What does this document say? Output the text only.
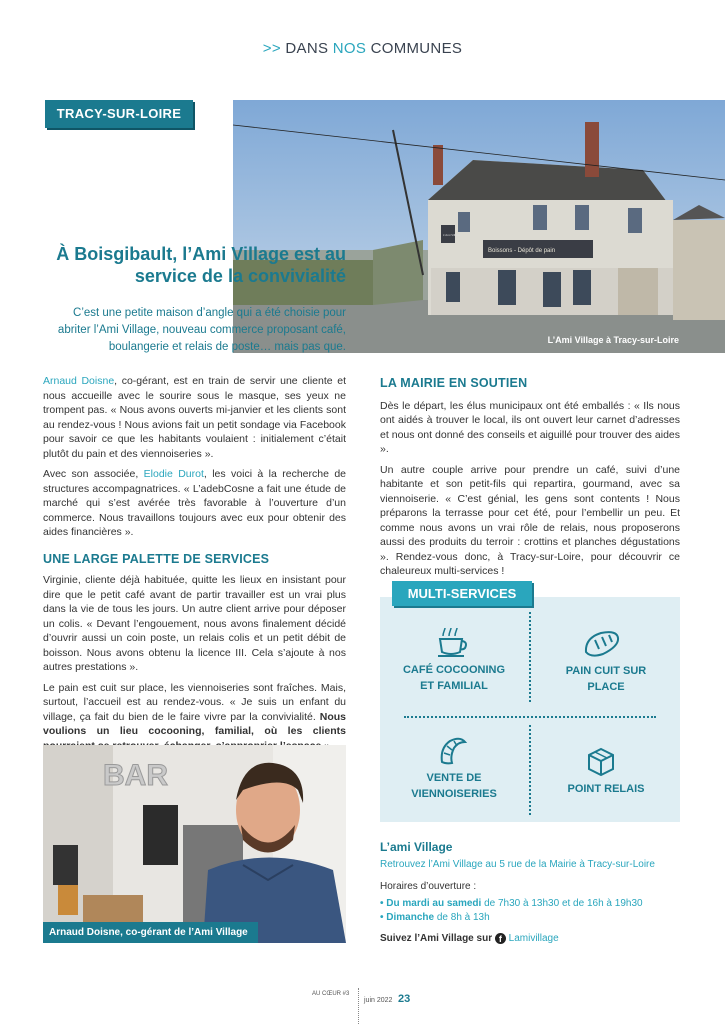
>> DANS NOS COMMUNES
TRACY-SUR-LOIRE
Boissons - Dépôt de pain
L'Ami Village
L’Ami Village à Tracy-sur-Loire
À Boisgibault, l’Ami Village est au service de la convivialité
C’est une petite maison d’angle qui a été choisie pour abriter l’Ami Village, nouveau commerce proposant café, boulangerie et relais de poste… mais pas que.

Arnaud Doisne, co-gérant, est en train de servir une cliente et nous accueille avec le sourire sous le masque, ses yeux ne trompent pas. « Nous avons ouverts mi-janvier et les clients sont au rendez-vous ! Nous avions fait un petit sondage via Facebook pour savoir ce que les habitants voulaient : initialement c’était plutôt du pain et des viennoiseries ».

Avec son associée, Elodie Durot, les voici à la recherche de structures accompagnatrices. « L’adebCosne a fait une étude de marché qui s’est avérée très favorable à l’ouverture d’un commerce. Nous travaillons toujours avec eux pour obtenir des aides financières ».

UNE LARGE PALETTE DE SERVICES

Virginie, cliente déjà habituée, quitte les lieux en insistant pour dire que le petit café avant de partir travailler est un vrai plus dans la vie de tous les jours. Un autre client arrive pour déposer un colis. « Devant l’engouement, nous avons finalement décidé d’ouvrir aussi un coin poste, un relais colis et un petit débit de boisson. Nous avons obtenu la licence III. Cela s’ajoute à nos autres prestations ».

Le pain est cuit sur place, les viennoiseries sont fraîches. Mais, surtout, l’accueil est au rendez-vous. « Je suis un enfant du village, ça fait du bien de le faire vivre par la convivialité. Nous voulions un lieu cocooning, familial, où les clients

BAR
Arnaud Doisne, co-gérant de l’Ami Village
LA MAIRIE EN SOUTIEN

Dès le départ, les élus municipaux ont été emballés : « Ils nous ont aidés à trouver le local, ils ont ouvert leur carnet d’adresses et nous ont donné des conseils et aiguillé pour trouver des aides ».

Un autre couple arrive pour prendre un café, suivi d’une habitante et son petit-fils qui repartira, gourmand, avec sa viennoiserie. « C’est génial, les gens sont contents ! Nous préparons la terrasse pour cet été, pour l’embellir un peu. Et comme nous avons un vrai rôle de relais, nous proposerons aussi des produits du terroir : crottins et planches dégustations ». Rendez-vous donc, à Tracy-sur-Loire, pour découvrir ce chaleureux multi-services !

MULTI-SERVICES
CAFÉ COCOONING
ET FAMILIAL
PAIN CUIT SUR
PLACE
VENTE DE
VIENNOISERIES	POINT RELAIS
L’ami Village
Retrouvez l’Ami Village au 5 rue de la Mairie à Tracy-sur-Loire
Horaires d’ouverture :
• Du mardi au samedi de 7h30 à 13h30 et de 16h à 19h30
• Dimanche de 8h à 13h
Suivez l’Ami Village sur f Lamivillage
AU CŒUR #3
juin 2022 23
